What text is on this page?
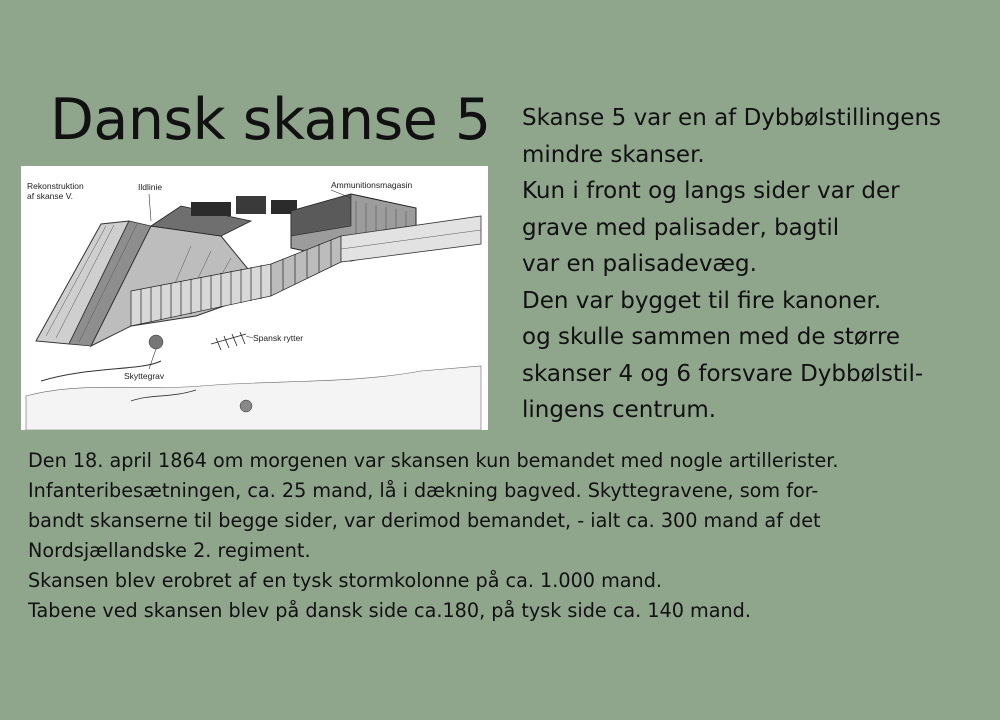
Dansk skanse 5 Skanse 5 var en af Dybbølstillingens
mindre skanser.
Kun i front og langs sider var der
grave med palisader, bagtil
var en palisadevæg.
Den var bygget til fire kanoner.
og skulle sammen med de større
skanser 4 og 6 forsvare Dybbølstil-
lingens centrum.
Rekonstruktion
af skanse V.
Ildlinie	Ammunitionsmagasin
Spansk rytter
Skyttegrav
Den 18. april 1864 om morgenen var skansen kun bemandet med nogle artillerister.
Infanteribesætningen, ca. 25 mand, lå i dækning bagved. Skyttegravene, som for-
bandt skanserne til begge sider, var derimod bemandet, - ialt ca. 300 mand af det
Nordsjællandske 2. regiment.
Skansen blev erobret af en tysk stormkolonne på ca. 1.000 mand.
Tabene ved skansen blev på dansk side ca.180, på tysk side ca. 140 mand.
